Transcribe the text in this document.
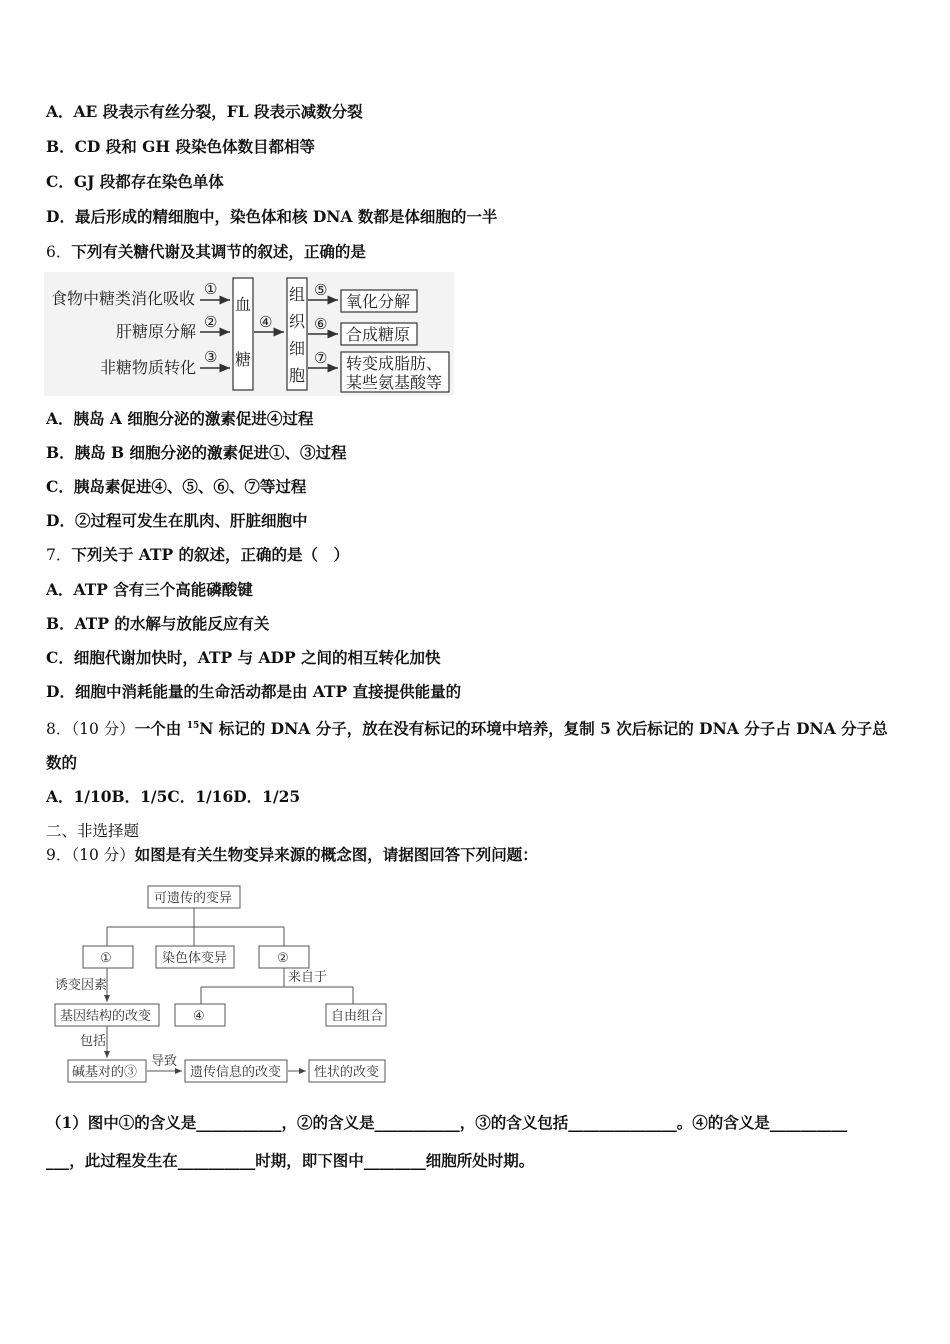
A．AE 段表示有丝分裂，FL 段表示减数分裂
B．CD 段和 GH 段染色体数目都相等
C．GJ 段都存在染色单体
D．最后形成的精细胞中，染色体和核 DNA 数都是体细胞的一半
6．下列有关糖代谢及其调节的叙述，正确的是
食物中糖类消化吸收
肝糖原分解
非糖物质转化
①
②
③
血
糖
④
组
织
细
胞
⑤
⑥
⑦
氧化分解
合成糖原
转变成脂肪、
某些氨基酸等
A．胰岛 A 细胞分泌的激素促进④过程
B．胰岛 B 细胞分泌的激素促进①、③过程
C．胰岛素促进④、⑤、⑥、⑦等过程
D．②过程可发生在肌肉、肝脏细胞中
7．下列关于 ATP 的叙述，正确的是（　）
A．ATP 含有三个高能磷酸键
B．ATP 的水解与放能反应有关
C．细胞代谢加快时，ATP 与 ADP 之间的相互转化加快
D．细胞中消耗能量的生命活动都是由 ATP 直接提供能量的
8．（10 分）一个由 $^{15}$N 标记的 DNA 分子，放在没有标记的环境中培养，复制 5 次后标记的 DNA 分子占 DNA 分子总
数的
A．1/10B．1/5C．1/16D．1/25
二、非选择题
9．（10 分）如图是有关生物变异来源的概念图，请据图回答下列问题：
可遗传的变异
①	染色体变异	②
诱变因素
来自于
基因结构的改变	④	自由组合
包括
导致
碱基对的③	遗传信息的改变	性状的改变
（1）图中①的含义是___________，②的含义是___________，③的含义包括______________。④的含义是__________
___，此过程发生在__________时期，即下图中________细胞所处时期。
